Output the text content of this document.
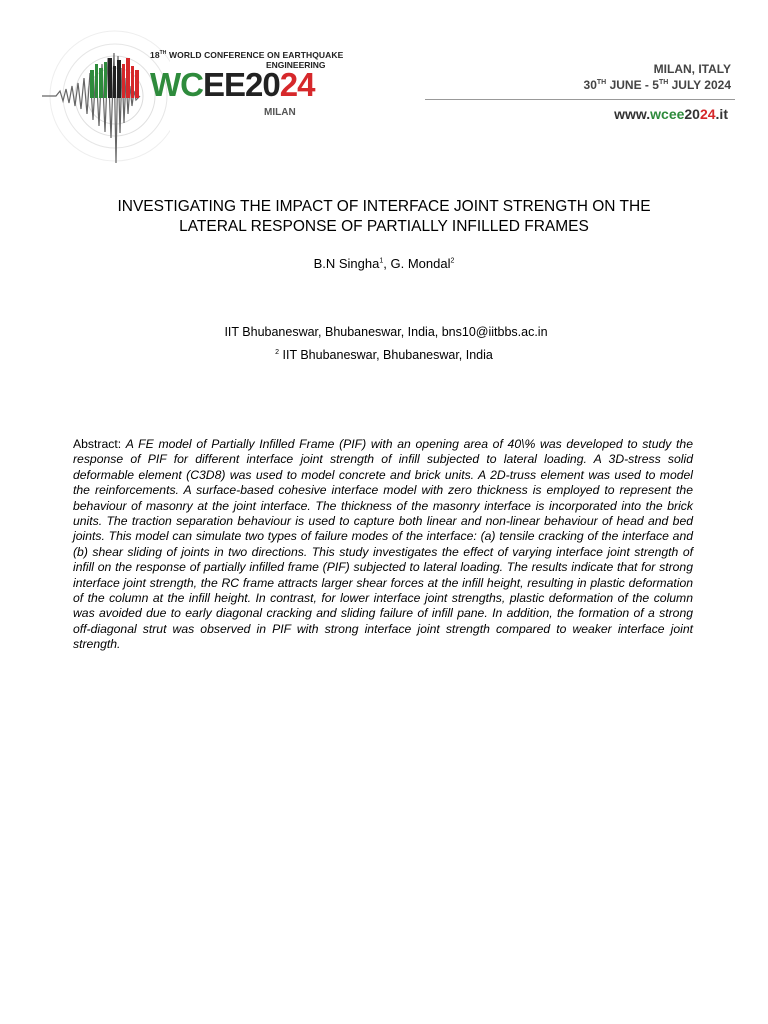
18TH WORLD CONFERENCE ON EARTHQUAKE
ENGINEERING
WCEE2024
MILAN
MILAN, ITALY
30TH JUNE - 5TH JULY 2024
www.wcee2024.it
INVESTIGATING THE IMPACT OF INTERFACE JOINT STRENGTH ON THE
LATERAL RESPONSE OF PARTIALLY INFILLED FRAMES
B.N Singha$^1$, G. Mondal$^2$
IIT Bhubaneswar, Bhubaneswar, India, bns10@iitbbs.ac.in
$^2$ IIT Bhubaneswar, Bhubaneswar, India
Abstract: A FE model of Partially Infilled Frame (PIF) with an opening area of 40\% was developed to study the response of PIF for different interface joint strength of infill subjected to lateral loading. A 3D-stress solid deformable element (C3D8) was used to model concrete and brick units. A 2D-truss element was used to model the reinforcements. A surface-based cohesive interface model with zero thickness is employed to represent the behaviour of masonry at the joint interface. The thickness of the masonry interface is incorporated into the brick units. The traction separation behaviour is used to capture both linear and non-linear behaviour of head and bed joints. This model can simulate two types of failure modes of the interface: (a) tensile cracking of the interface and (b) shear sliding of joints in two directions. This study investigates the effect of varying interface joint strength of infill on the response of partially infilled frame (PIF) subjected to lateral loading. The results indicate that for strong interface joint strength, the RC frame attracts larger shear forces at the infill height, resulting in plastic deformation of the column at the infill height. In contrast, for lower interface joint strengths, plastic deformation of the column was avoided due to early diagonal cracking and sliding failure of infill pane. In addition, the formation of a strong off-diagonal strut was observed in PIF with strong interface joint strength compared to weaker interface joint strength.
